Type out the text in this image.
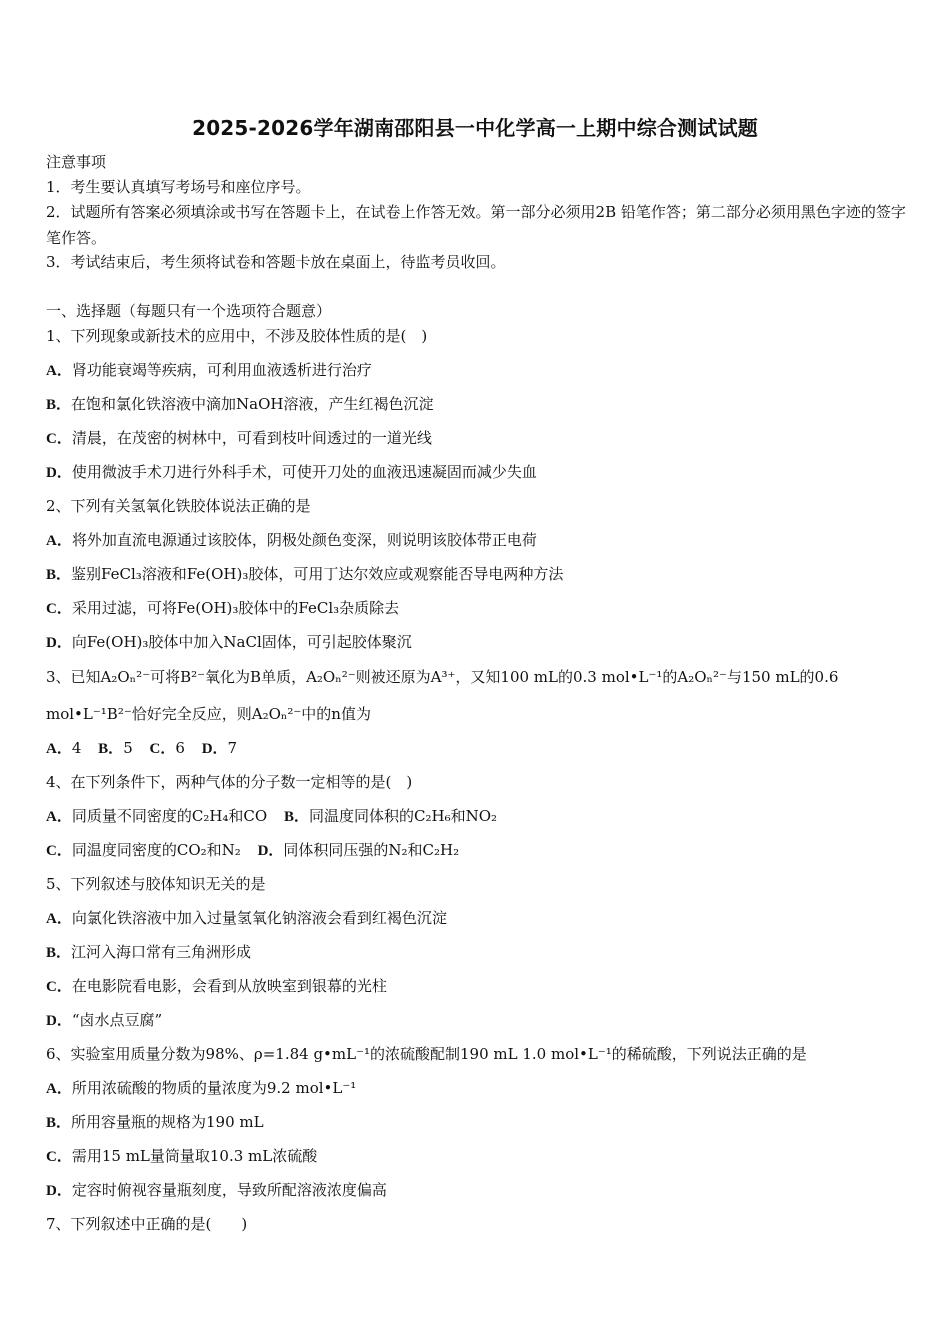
2025-2026学年湖南邵阳县一中化学高一上期中综合测试试题
注意事项
1．考生要认真填写考场号和座位序号。
2．试题所有答案必须填涂或书写在答题卡上，在试卷上作答无效。第一部分必须用2B 铅笔作答；第二部分必须用黑色字迹的签字笔作答。
3．考试结束后，考生须将试卷和答题卡放在桌面上，待监考员收回。
一、选择题（每题只有一个选项符合题意）
1、下列现象或新技术的应用中，不涉及胶体性质的是(　)
A．肾功能衰竭等疾病，可利用血液透析进行治疗
B．在饱和氯化铁溶液中滴加NaOH溶液，产生红褐色沉淀
C．清晨，在茂密的树林中，可看到枝叶间透过的一道光线
D．使用微波手术刀进行外科手术，可使开刀处的血液迅速凝固而减少失血
2、下列有关氢氧化铁胶体说法正确的是
A．将外加直流电源通过该胶体，阴极处颜色变深，则说明该胶体带正电荷
B．鉴别FeCl₃溶液和Fe(OH)₃胶体，可用丁达尔效应或观察能否导电两种方法
C．采用过滤，可将Fe(OH)₃胶体中的FeCl₃杂质除去
D．向Fe(OH)₃胶体中加入NaCl固体，可引起胶体聚沉
3、已知A₂Oₙ²⁻可将B²⁻氧化为B单质，A₂Oₙ²⁻则被还原为A³⁺，又知100 mL的0.3 mol•L⁻¹的A₂Oₙ²⁻与150 mL的0.6
mol•L⁻¹B²⁻恰好完全反应，则A₂Oₙ²⁻中的n值为
A．4 B．5 C．6 D．7
4、在下列条件下，两种气体的分子数一定相等的是(　)
A．同质量不同密度的C₂H₄和CO B．同温度同体积的C₂H₆和NO₂
C．同温度同密度的CO₂和N₂ D．同体积同压强的N₂和C₂H₂
5、下列叙述与胶体知识无关的是
A．向氯化铁溶液中加入过量氢氧化钠溶液会看到红褐色沉淀
B．江河入海口常有三角洲形成
C．在电影院看电影，会看到从放映室到银幕的光柱
D．“卤水点豆腐”
6、实验室用质量分数为98%、ρ=1.84 g•mL⁻¹的浓硫酸配制190 mL 1.0 mol•L⁻¹的稀硫酸，下列说法正确的是
A．所用浓硫酸的物质的量浓度为9.2 mol•L⁻¹
B．所用容量瓶的规格为190 mL
C．需用15 mL量筒量取10.3 mL浓硫酸
D．定容时俯视容量瓶刻度，导致所配溶液浓度偏高
7、下列叙述中正确的是(　　)
